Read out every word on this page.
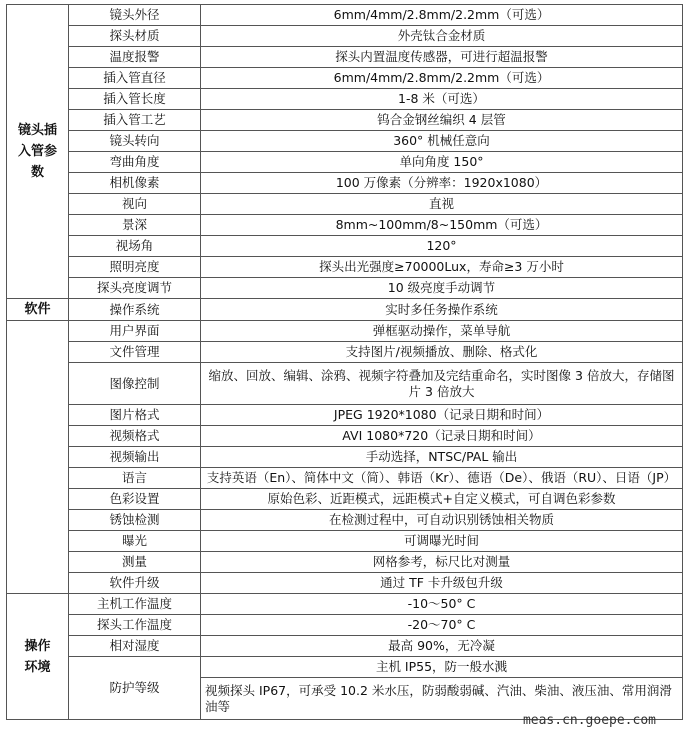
镜头插入管参数	镜头外径	6mm/4mm/2.8mm/2.2mm（可选）
	探头材质	外壳钛合金材质
	温度报警	探头内置温度传感器，可进行超温报警
	插入管直径	6mm/4mm/2.8mm/2.2mm（可选）
	插入管长度	1-8 米（可选）
	插入管工艺	钨合金钢丝编织 4 层管
	镜头转向	360° 机械任意向
	弯曲角度	单向角度 150°
	相机像素	100 万像素（分辨率：1920x1080）
	视向	直视
	景深	8mm~100mm/8~150mm（可选）
	视场角	120°
	照明亮度	探头出光强度≥70000Lux，寿命≥3 万小时
	探头亮度调节	10 级亮度手动调节
软件	操作系统	实时多任务操作系统
	用户界面	弹框驱动操作，菜单导航
	文件管理	支持图片/视频播放、删除、格式化
	图像控制	缩放、回放、编辑、涂鸦、视频字符叠加及完结重命名，实时图像 3 倍放大，存储图片 3 倍放大
	图片格式	JPEG 1920*1080（记录日期和时间）
	视频格式	AVI 1080*720（记录日期和时间）
	视频输出	手动选择，NTSC/PAL 输出
	语言	支持英语（En）、简体中文（简）、韩语（Kr）、德语（De）、俄语（RU）、日语（JP）
	色彩设置	原始色彩、近距模式，远距模式+自定义模式，可自调色彩参数
	锈蚀检测	在检测过程中，可自动识别锈蚀相关物质
	曝光	可调曝光时间
	测量	网格参考，标尺比对测量
	软件升级	通过 TF 卡升级包升级
操作环境	主机工作温度	-10～50° C
	探头工作温度	-20～70° C
	相对湿度	最高 90%，无冷凝
	防护等级	主机 IP55，防一般水溅
		视频探头 IP67，可承受 10.2 米水压，防弱酸弱碱、汽油、柴油、液压油、常用润滑油等
meas.cn.goepe.com
